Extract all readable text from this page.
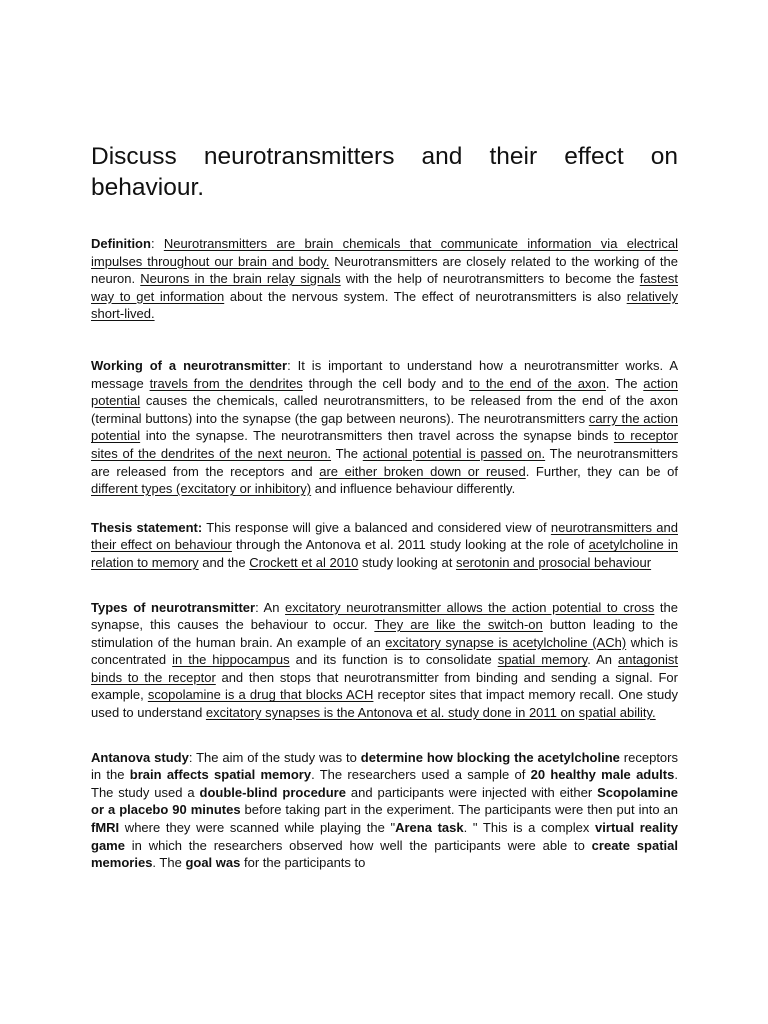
Discuss neurotransmitters and their effect on behaviour.

Definition: Neurotransmitters are brain chemicals that communicate information via electrical impulses throughout our brain and body. Neurotransmitters are closely related to the working of the neuron. Neurons in the brain relay signals with the help of neurotransmitters to become the fastest way to get information about the nervous system. The effect of neurotransmitters is also relatively short-lived.

Working of a neurotransmitter: It is important to understand how a neurotransmitter works. A message travels from the dendrites through the cell body and to the end of the axon. The action potential causes the chemicals, called neurotransmitters, to be released from the end of the axon (terminal buttons) into the synapse (the gap between neurons). The neurotransmitters carry the action potential into the synapse. The neurotransmitters then travel across the synapse binds to receptor sites of the dendrites of the next neuron. The actional potential is passed on. The neurotransmitters are released from the receptors and are either broken down or reused. Further, they can be of different types (excitatory or inhibitory) and influence behaviour differently.

Thesis statement: This response will give a balanced and considered view of neurotransmitters and their effect on behaviour through the Antonova et al. 2011 study looking at the role of acetylcholine in relation to memory and the Crockett et al 2010 study looking at serotonin and prosocial behaviour

Types of neurotransmitter: An excitatory neurotransmitter allows the action potential to cross the synapse, this causes the behaviour to occur. They are like the switch-on button leading to the stimulation of the human brain. An example of an excitatory synapse is acetylcholine (ACh) which is concentrated in the hippocampus and its function is to consolidate spatial memory. An antagonist binds to the receptor and then stops that neurotransmitter from binding and sending a signal. For example, scopolamine is a drug that blocks ACH receptor sites that impact memory recall. One study used to understand excitatory synapses is the Antonova et al. study done in 2011 on spatial ability.

Antanova study: The aim of the study was to determine how blocking the acetylcholine receptors in the brain affects spatial memory. The researchers used a sample of 20 healthy male adults. The study used a double-blind procedure and participants were injected with either Scopolamine or a placebo 90 minutes before taking part in the experiment. The participants were then put into an fMRI where they were scanned while playing the "Arena task. " This is a complex virtual reality game in which the researchers observed how well the participants were able to create spatial memories. The goal was for the participants to
